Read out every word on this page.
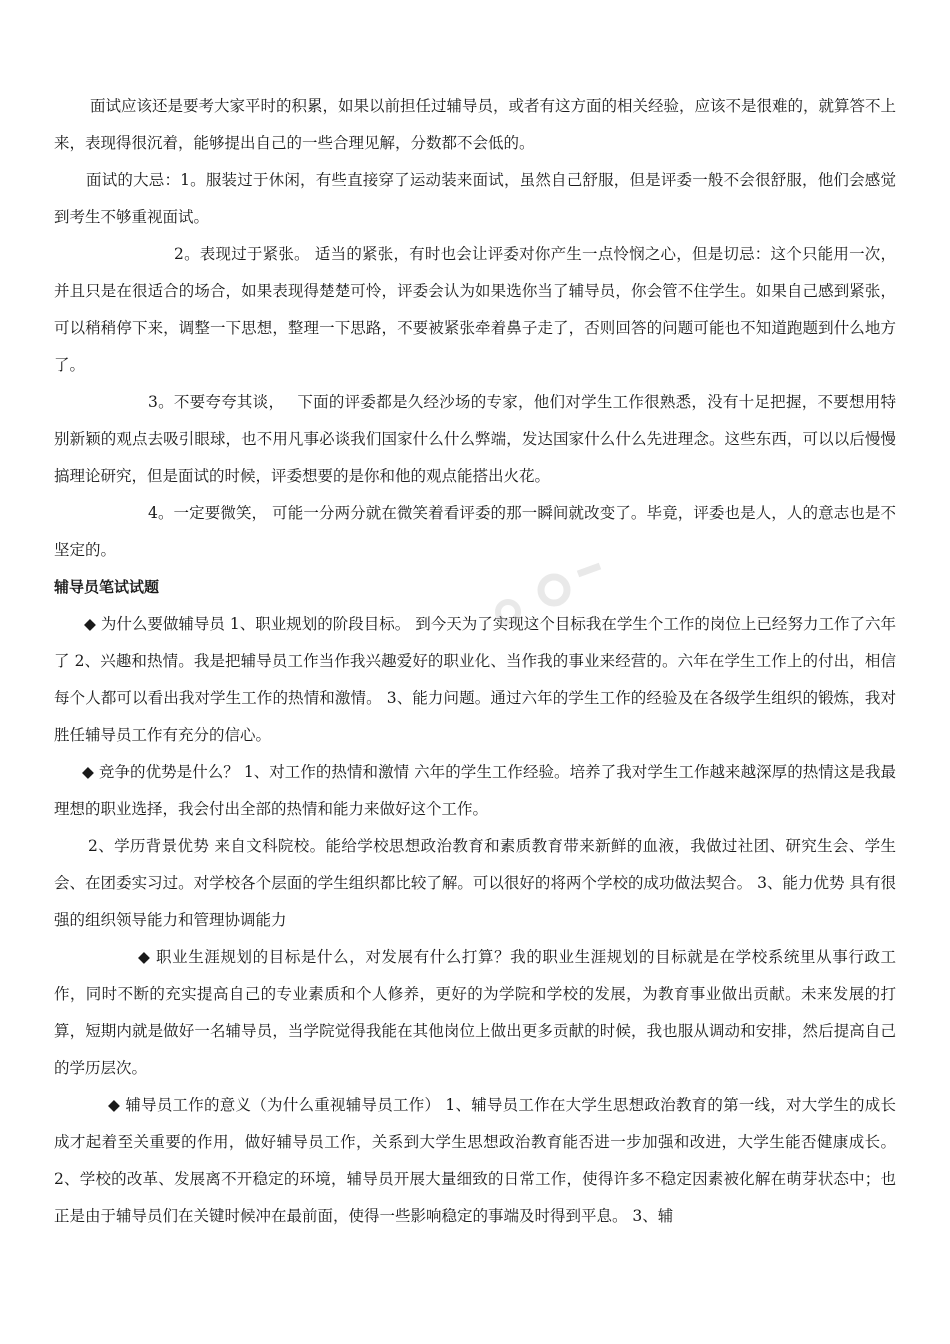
面试应该还是要考大家平时的积累，如果以前担任过辅导员，或者有这方面的相关经验，应该不是很难的，就算答不上来，表现得很沉着，能够提出自己的一些合理见解，分数都不会低的。

面试的大忌：1。服装过于休闲，有些直接穿了运动装来面试，虽然自己舒服，但是评委一般不会很舒服，他们会感觉到考生不够重视面试。

2。表现过于紧张。 适当的紧张，有时也会让评委对你产生一点怜悯之心，但是切忌：这个只能用一次，并且只是在很适合的场合，如果表现得楚楚可怜，评委会认为如果选你当了辅导员，你会管不住学生。如果自己感到紧张，可以稍稍停下来，调整一下思想，整理一下思路，不要被紧张牵着鼻子走了，否则回答的问题可能也不知道跑题到什么地方了。

3。不要夸夸其谈，　 下面的评委都是久经沙场的专家，他们对学生工作很熟悉，没有十足把握，不要想用特别新颖的观点去吸引眼球，也不用凡事必谈我们国家什么什么弊端，发达国家什么什么先进理念。这些东西，可以以后慢慢搞理论研究，但是面试的时候，评委想要的是你和他的观点能搭出火花。

4。一定要微笑， 可能一分两分就在微笑着看评委的那一瞬间就改变了。毕竟，评委也是人，人的意志也是不坚定的。

辅导员笔试试题

◆ 为什么要做辅导员 1、职业规划的阶段目标。 到今天为了实现这个目标我在学生个工作的岗位上已经努力工作了六年了 2、兴趣和热情。我是把辅导员工作当作我兴趣爱好的职业化、当作我的事业来经营的。六年在学生工作上的付出，相信每个人都可以看出我对学生工作的热情和激情。 3、能力问题。通过六年的学生工作的经验及在各级学生组织的锻炼，我对胜任辅导员工作有充分的信心。

◆ 竞争的优势是什么？ 1、对工作的热情和激情 六年的学生工作经验。培养了我对学生工作越来越深厚的热情这是我最理想的职业选择，我会付出全部的热情和能力来做好这个工作。

2、学历背景优势 来自文科院校。能给学校思想政治教育和素质教育带来新鲜的血液，我做过社团、研究生会、学生会、在团委实习过。对学校各个层面的学生组织都比较了解。可以很好的将两个学校的成功做法契合。 3、能力优势 具有很强的组织领导能力和管理协调能力

◆ 职业生涯规划的目标是什么，对发展有什么打算？我的职业生涯规划的目标就是在学校系统里从事行政工作，同时不断的充实提高自己的专业素质和个人修养，更好的为学院和学校的发展，为教育事业做出贡献。未来发展的打算，短期内就是做好一名辅导员，当学院觉得我能在其他岗位上做出更多贡献的时候，我也服从调动和安排，然后提高自己的学历层次。

◆ 辅导员工作的意义（为什么重视辅导员工作） 1、辅导员工作在大学生思想政治教育的第一线，对大学生的成长成才起着至关重要的作用，做好辅导员工作，关系到大学生思想政治教育能否进一步加强和改进，大学生能否健康成长。 2、学校的改革、发展离不开稳定的环境，辅导员开展大量细致的日常工作，使得许多不稳定因素被化解在萌芽状态中；也正是由于辅导员们在关键时候冲在最前面，使得一些影响稳定的事端及时得到平息。 3、辅
